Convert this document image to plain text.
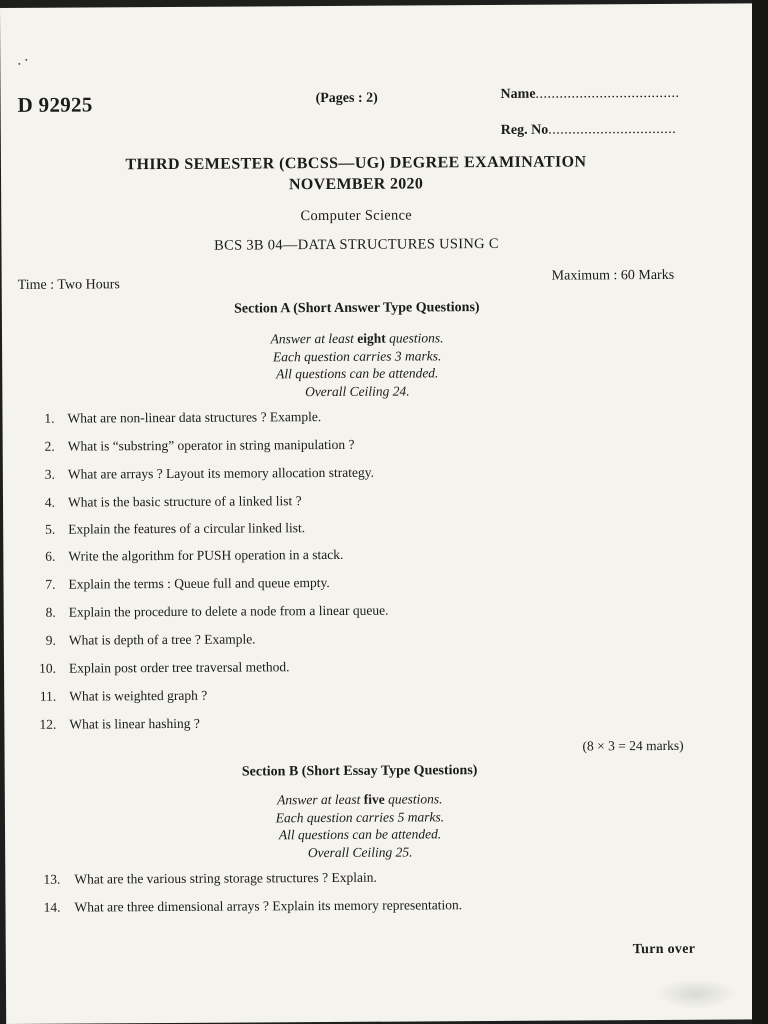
D 92925	(Pages : 2)	Name....................................
Reg. No................................
THIRD SEMESTER (CBCSS—UG) DEGREE EXAMINATION
NOVEMBER 2020
Computer Science
BCS 3B 04—DATA STRUCTURES USING C
Time : Two Hours
Maximum : 60 Marks
Section A (Short Answer Type Questions)
Answer at least eight questions.
Each question carries 3 marks.
All questions can be attended.
Overall Ceiling 24.
1. What are non-linear data structures ? Example.
2. What is “substring” operator in string manipulation ?
3. What are arrays ? Layout its memory allocation strategy.
4. What is the basic structure of a linked list ?
5. Explain the features of a circular linked list.
6. Write the algorithm for PUSH operation in a stack.
7. Explain the terms : Queue full and queue empty.
8. Explain the procedure to delete a node from a linear queue.
9. What is depth of a tree ? Example.
10. Explain post order tree traversal method.
11. What is weighted graph ?
12. What is linear hashing ?
(8 × 3 = 24 marks)
Section B (Short Essay Type Questions)
Answer at least five questions.
Each question carries 5 marks.
All questions can be attended.
Overall Ceiling 25.
13. What are the various string storage structures ? Explain.
14. What are three dimensional arrays ? Explain its memory representation.
Turn over
